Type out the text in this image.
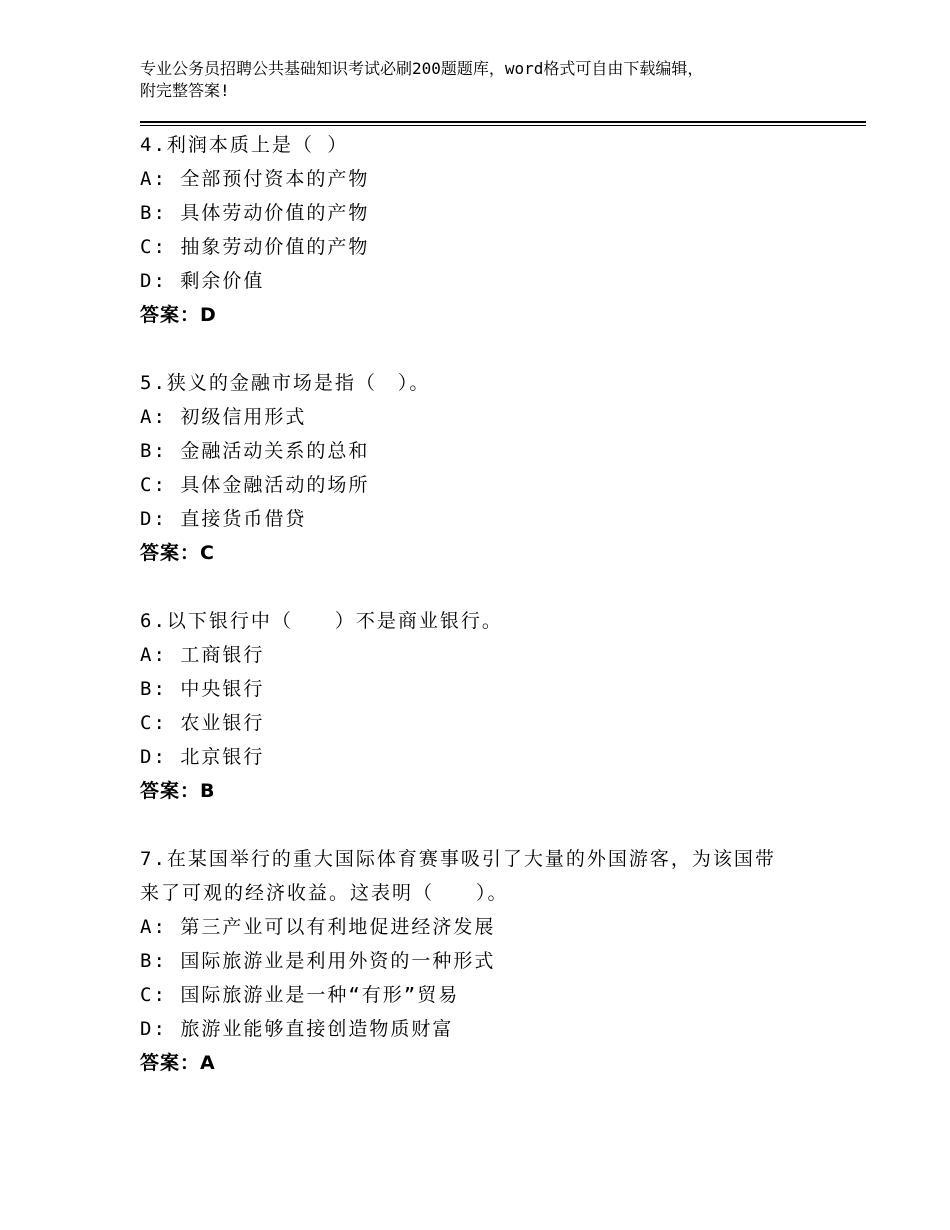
专业公务员招聘公共基础知识考试必刷200题题库，word格式可自由下载编辑，
附完整答案!
4.利润本质上是（ ）
A: 全部预付资本的产物
B: 具体劳动价值的产物
C: 抽象劳动价值的产物
D: 剩余价值
答案：D
5.狭义的金融市场是指（　）。
A: 初级信用形式
B: 金融活动关系的总和
C: 具体金融活动的场所
D: 直接货币借贷
答案：C
6.以下银行中（　　）不是商业银行。
A: 工商银行
B: 中央银行
C: 农业银行
D: 北京银行
答案：B
7.在某国举行的重大国际体育赛事吸引了大量的外国游客，为该国带
来了可观的经济收益。这表明（　　）。
A: 第三产业可以有利地促进经济发展
B: 国际旅游业是利用外资的一种形式
C: 国际旅游业是一种“有形”贸易
D: 旅游业能够直接创造物质财富
答案：A
